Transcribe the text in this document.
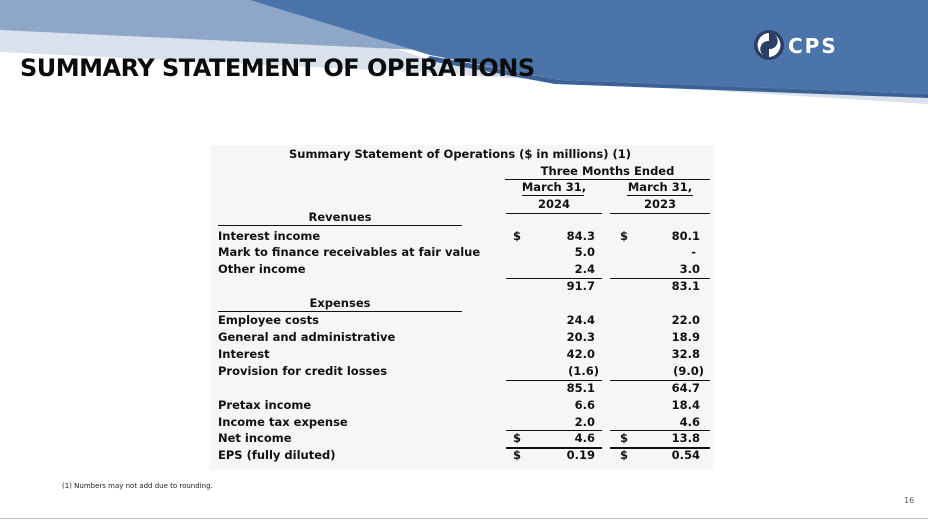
CPS
SUMMARY STATEMENT OF OPERATIONS
Summary Statement of Operations ($ in millions) (1)
Three Months Ended
March 31,
2024
March 31,
2023
Revenues
Interest income	$	84.3 $	80.1
Mark to finance receivables at fair value	5.0	-
Other income	2.4	3.0
91.7	83.1
Expenses
Employee costs	24.4	22.0
General and administrative	20.3	18.9
Interest	42.0	32.8
Provision for credit losses	(1.6)	(9.0)
85.1	64.7
Pretax income	6.6	18.4
Income tax expense	2.0	4.6
Net income	$	4.6 $	13.8
EPS (fully diluted)	$	0.19 $	0.54
(1) Numbers may not add due to rounding.
16
